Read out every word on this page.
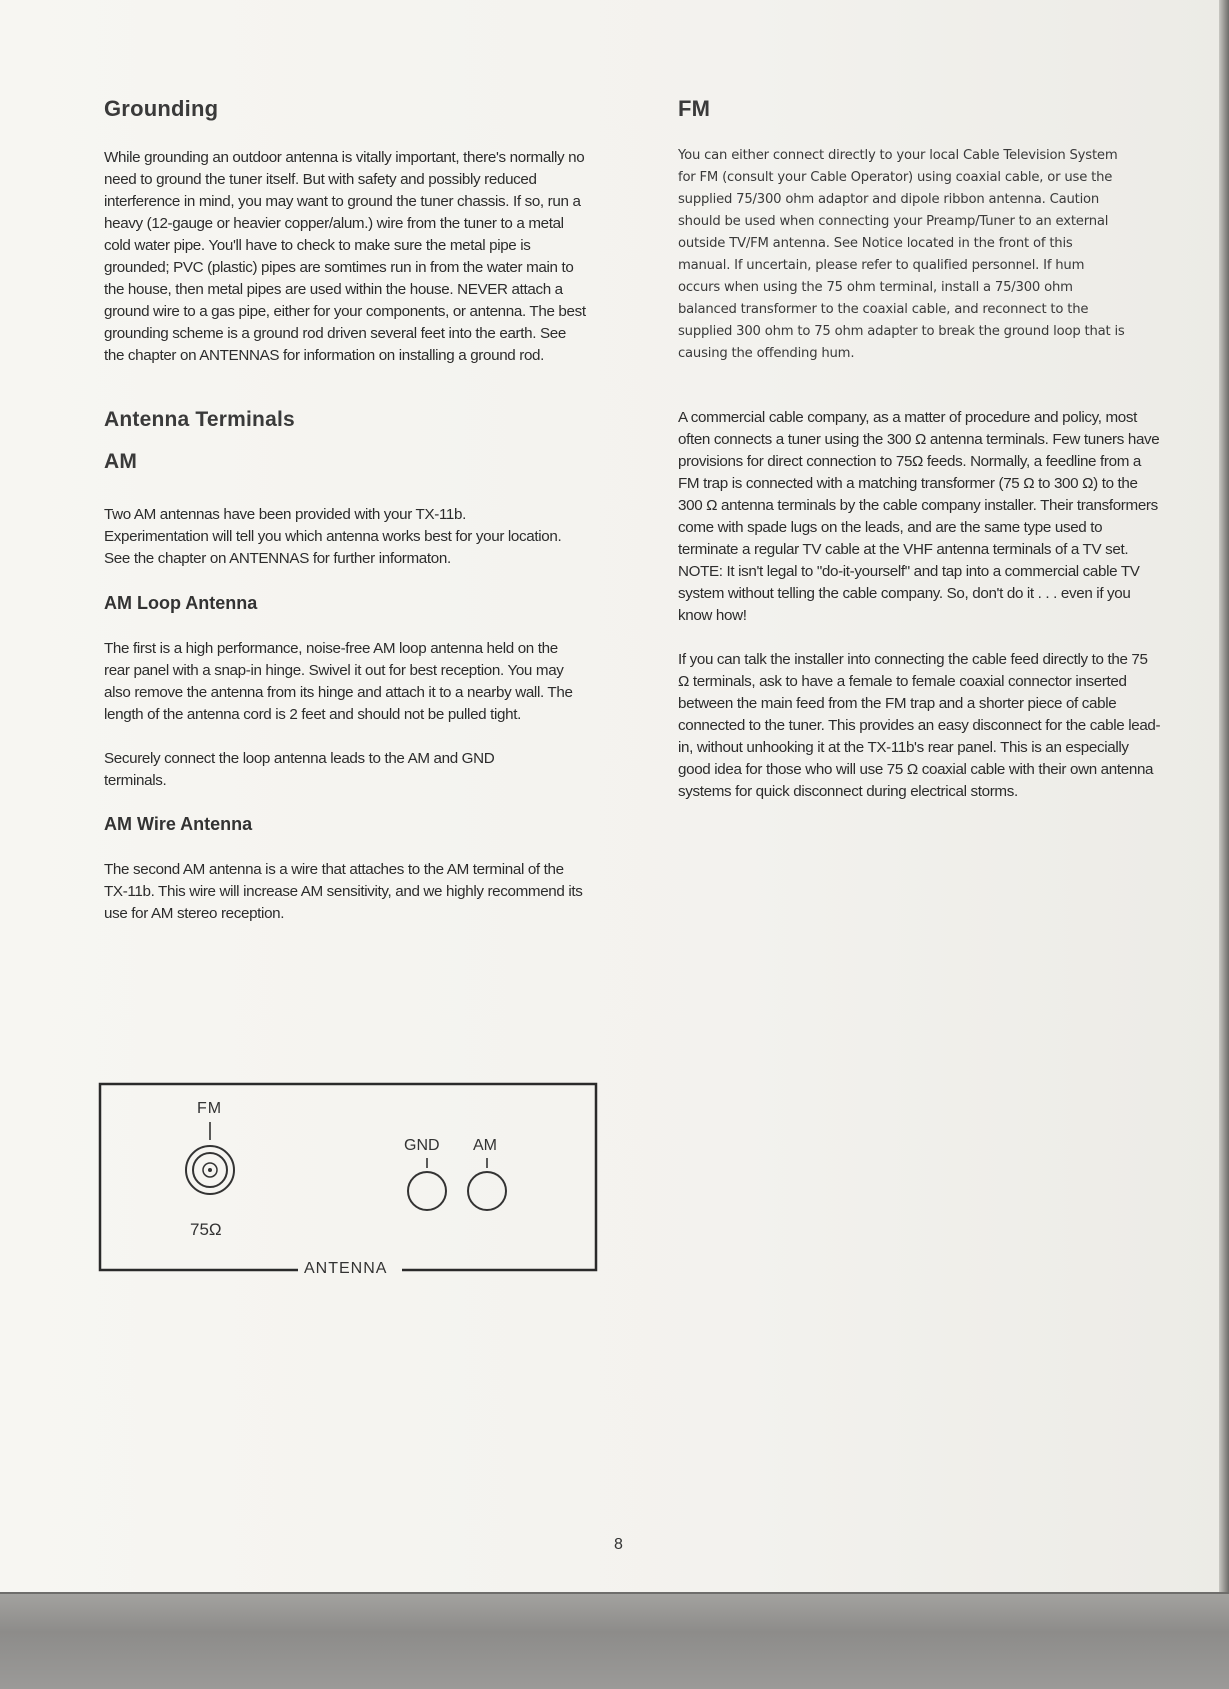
Grounding

While grounding an outdoor antenna is vitally important, there's normally no need to ground the tuner itself. But with safety and possibly reduced interference in mind, you may want to ground the tuner chassis. If so, run a heavy (12-gauge or heavier copper/alum.) wire from the tuner to a metal cold water pipe. You'll have to check to make sure the metal pipe is grounded; PVC (plastic) pipes are somtimes run in from the water main to the house, then metal pipes are used within the house. NEVER attach a ground wire to a gas pipe, either for your components, or antenna. The best grounding scheme is a ground rod driven several feet into the earth. See the chapter on ANTENNAS for information on installing a ground rod.

Antenna Terminals
AM

Two AM antennas have been provided with your TX-11b. Experimentation will tell you which antenna works best for your location. See the chapter on ANTENNAS for further informaton.

AM Loop Antenna

The first is a high performance, noise-free AM loop antenna held on the rear panel with a snap-in hinge. Swivel it out for best reception. You may also remove the antenna from its hinge and attach it to a nearby wall. The length of the antenna cord is 2 feet and should not be pulled tight.

Securely connect the loop antenna leads to the AM and GND terminals.

AM Wire Antenna

The second AM antenna is a wire that attaches to the AM terminal of the TX-11b. This wire will increase AM sensitivity, and we highly recommend its use for AM stereo reception.

FM

You can either connect directly to your local Cable Television System for FM (consult your Cable Operator) using coaxial cable, or use the supplied 75/300 ohm adaptor and dipole ribbon antenna. Caution should be used when connecting your Preamp/Tuner to an external outside TV/FM antenna. See Notice located in the front of this manual. If uncertain, please refer to qualified personnel. If hum occurs when using the 75 ohm terminal, install a 75/300 ohm balanced transformer to the coaxial cable, and reconnect to the supplied 300 ohm to 75 ohm adapter to break the ground loop that is causing the offending hum.

A commercial cable company, as a matter of procedure and policy, most often connects a tuner using the 300 Ω antenna terminals. Few tuners have provisions for direct connection to 75Ω feeds. Normally, a feedline from a FM trap is connected with a matching transformer (75 Ω to 300 Ω) to the 300 Ω antenna terminals by the cable company installer. Their transformers come with spade lugs on the leads, and are the same type used to terminate a regular TV cable at the VHF antenna terminals of a TV set. NOTE: It isn't legal to "do-it-yourself" and tap into a commercial cable TV system without telling the cable company. So, don't do it . . . even if you know how!

If you can talk the installer into connecting the cable feed directly to the 75 Ω terminals, ask to have a female to female coaxial connector inserted between the main feed from the FM trap and a shorter piece of cable connected to the tuner. This provides an easy disconnect for the cable lead-in, without unhooking it at the TX-11b's rear panel. This is an especially good idea for those who will use 75 Ω coaxial cable with their own antenna systems for quick disconnect during electrical storms.

FM
75Ω
GND AM
ANTENNA
8
